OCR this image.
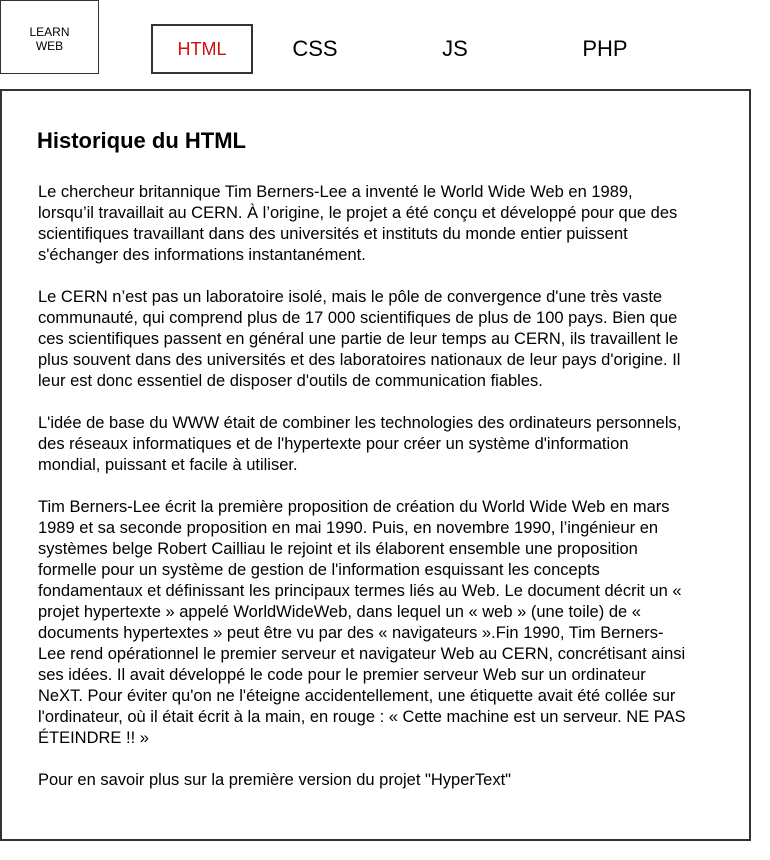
LEARN
WEB	HTML	CSS	JS	PHP
Historique du HTML

Le chercheur britannique Tim Berners-Lee a inventé le World Wide Web en 1989, lorsqu’il travaillait au CERN. À l’origine, le projet a été conçu et développé pour que des scientifiques travaillant dans des universités et instituts du monde entier puissent s'échanger des informations instantanément.

Le CERN n’est pas un laboratoire isolé, mais le pôle de convergence d'une très vaste communauté, qui comprend plus de 17 000 scientifiques de plus de 100 pays. Bien que ces scientifiques passent en général une partie de leur temps au CERN, ils travaillent le plus souvent dans des universités et des laboratoires nationaux de leur pays d'origine. Il leur est donc essentiel de disposer d'outils de communication fiables.

L'idée de base du WWW était de combiner les technologies des ordinateurs personnels, des réseaux informatiques et de l'hypertexte pour créer un système d'information mondial, puissant et facile à utiliser.

Tim Berners-Lee écrit la première proposition de création du World Wide Web en mars 1989 et sa seconde proposition en mai 1990. Puis, en novembre 1990, l’ingénieur en systèmes belge Robert Cailliau le rejoint et ils élaborent ensemble une proposition formelle pour un système de gestion de l'information esquissant les concepts fondamentaux et définissant les principaux termes liés au Web. Le document décrit un « projet hypertexte » appelé WorldWideWeb, dans lequel un « web » (une toile) de « documents hypertextes » peut être vu par des « navigateurs ».Fin 1990, Tim Berners-Lee rend opérationnel le premier serveur et navigateur Web au CERN, concrétisant ainsi ses idées. Il avait développé le code pour le premier serveur Web sur un ordinateur NeXT. Pour éviter qu'on ne l'éteigne accidentellement, une étiquette avait été collée sur l'ordinateur, où il était écrit à la main, en rouge : « Cette machine est un serveur. NE PAS ÉTEINDRE !! »

Pour en savoir plus sur la première version du projet "HyperText"
